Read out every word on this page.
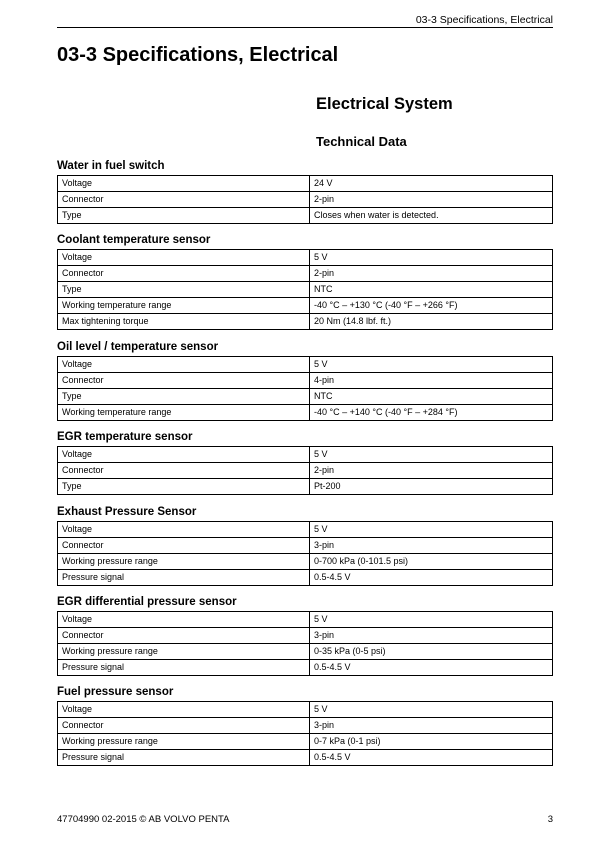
03-3 Specifications, Electrical
03-3 Specifications, Electrical
Electrical System
Technical Data
Water in fuel switch
Voltage	24 V
Connector	2-pin
Type	Closes when water is detected.
Coolant temperature sensor
Voltage	5 V
Connector	2-pin
Type	NTC
Working temperature range	-40 °C – +130 °C (-40 °F – +266 °F)
Max tightening torque	20 Nm (14.8 lbf. ft.)
Oil level / temperature sensor
Voltage	5 V
Connector	4-pin
Type	NTC
Working temperature range	-40 °C – +140 °C (-40 °F – +284 °F)
EGR temperature sensor
Voltage	5 V
Connector	2-pin
Type	Pt-200
Exhaust Pressure Sensor
Voltage	5 V
Connector	3-pin
Working pressure range	0-700 kPa (0-101.5 psi)
Pressure signal	0.5-4.5 V
EGR differential pressure sensor
Voltage	5 V
Connector	3-pin
Working pressure range	0-35 kPa (0-5 psi)
Pressure signal	0.5-4.5 V
Fuel pressure sensor
Voltage	5 V
Connector	3-pin
Working pressure range	0-7 kPa (0-1 psi)
Pressure signal	0.5-4.5 V
47704990 02-2015 © AB VOLVO PENTA	3
